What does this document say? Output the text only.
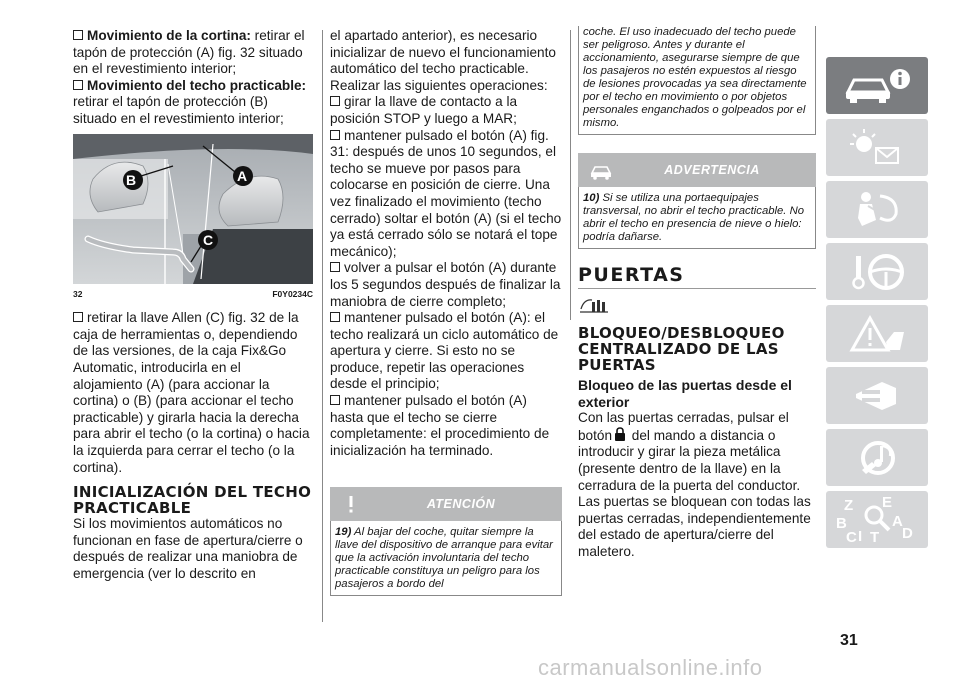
Movimiento de la cortina: retirar el tapón de protección (A) fig. 32 situado en el revestimiento interior;

Movimiento del techo practicable: retirar el tapón de protección (B) situado en el revestimiento interior;

B	A
C
32	F0Y0234C

retirar la llave Allen (C) fig. 32 de la caja de herramientas o, dependiendo de las versiones, de la caja Fix&Go Automatic, introducirla en el alojamiento (A) (para accionar la cortina) o (B) (para accionar el techo practicable) y girarla hacia la derecha para abrir el techo (o la cortina) o hacia la izquierda para cerrar el techo (o la cortina).

INICIALIZACIÓN DEL TECHO PRACTICABLE

Si los movimientos automáticos no funcionan en fase de apertura/cierre o después de realizar una maniobra de emergencia (ver lo descrito en

el apartado anterior), es necesario inicializar de nuevo el funcionamiento automático del techo practicable.

Realizar las siguientes operaciones:

girar la llave de contacto a la posición STOP y luego a MAR;

mantener pulsado el botón (A) fig. 31: después de unos 10 segundos, el techo se mueve por pasos para colocarse en posición de cierre. Una vez finalizado el movimiento (techo cerrado) soltar el botón (A) (si el techo ya está cerrado sólo se notará el tope mecánico);

volver a pulsar el botón (A) durante los 5 segundos después de finalizar la maniobra de cierre completo;

mantener pulsado el botón (A): el techo realizará un ciclo automático de apertura y cierre. Si esto no se produce, repetir las operaciones desde el principio;

mantener pulsado el botón (A) hasta que el techo se cierre completamente: el procedimiento de inicialización ha terminado.

ATENCIÓN
19) Al bajar del coche, quitar siempre la llave del dispositivo de arranque para evitar que la activación involuntaria del techo practicable constituya un peligro para los pasajeros a bordo del
coche. El uso inadecuado del techo puede ser peligroso. Antes y durante el accionamiento, asegurarse siempre de que los pasajeros no estén expuestos al riesgo de lesiones provocadas ya sea directamente por el techo en movimiento o por objetos personales enganchados o golpeados por el mismo.
ADVERTENCIA
10) Si se utiliza una portaequipajes transversal, no abrir el techo practicable. No abrir el techo en presencia de nieve o hielo: podría dañarse.
PUERTAS
BLOQUEO/DESBLOQUEO CENTRALIZADO DE LAS PUERTAS
Bloqueo de las puertas desde el exterior

Con las puertas cerradas, pulsar el botón del mando a distancia o introducir y girar la pieza metálica (presente dentro de la llave) en la cerradura de la puerta del conductor. Las puertas se bloquean con todas las puertas cerradas, independientemente del estado de apertura/cierre del maletero.

Z E
B	A
I
C T D
31
carmanualsonline.info
